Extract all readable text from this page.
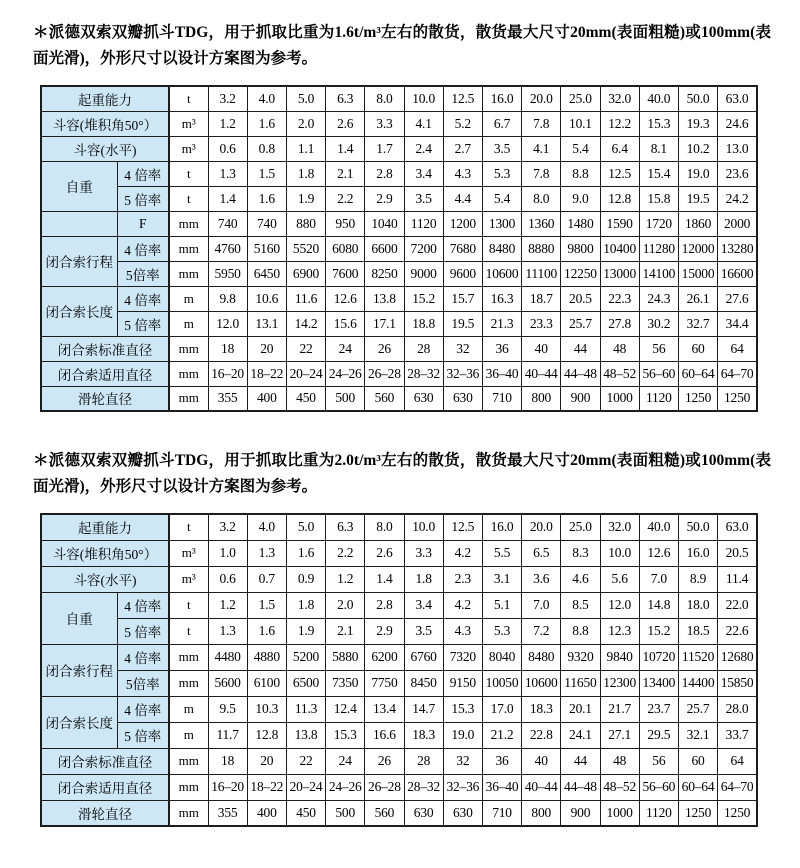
＊派德双索双瓣抓斗TDG，用于抓取比重为1.6t/m³左右的散货，散货最大尺寸20mm(表面粗糙)或100mm(表面光滑)，外形尺寸以设计方案图为参考。

起重能力		t	3.2	4.0	5.0	6.3	8.0	10.0	12.5	16.0	20.0	25.0	32.0	40.0	50.0	63.0
斗容(堆积角50°）		m³	1.2	1.6	2.0	2.6	3.3	4.1	5.2	6.7	7.8	10.1	12.2	15.3	19.3	24.6
斗容(水平)		m³	0.6	0.8	1.1	1.4	1.7	2.4	2.7	3.5	4.1	5.4	6.4	8.1	10.2	13.0
自重	4 倍率	t	1.3	1.5	1.8	2.1	2.8	3.4	4.3	5.3	7.8	8.8	12.5	15.4	19.0	23.6
	5 倍率	t	1.4	1.6	1.9	2.2	2.9	3.5	4.4	5.4	8.0	9.0	12.8	15.8	19.5	24.2
	F	mm	740	740	880	950	1040	1120	1200	1300	1360	1480	1590	1720	1860	2000
闭合索行程	4 倍率	mm	4760	5160	5520	6080	6600	7200	7680	8480	8880	9800	10400	11280	12000	13280
	5倍率	mm	5950	6450	6900	7600	8250	9000	9600	10600	11100	12250	13000	14100	15000	16600
闭合索长度	4 倍率	m	9.8	10.6	11.6	12.6	13.8	15.2	15.7	16.3	18.7	20.5	22.3	24.3	26.1	27.6
	5 倍率	m	12.0	13.1	14.2	15.6	17.1	18.8	19.5	21.3	23.3	25.7	27.8	30.2	32.7	34.4
闭合索标准直径		mm	18	20	22	24	26	28	32	36	40	44	48	56	60	64
闭合索适用直径		mm	16–20	18–22	20–24	24–26	26–28	28–32	32–36	36–40	40–44	44–48	48–52	56–60	60–64	64–70
滑轮直径		mm	355	400	450	500	560	630	630	710	800	900	1000	1120	1250	1250

＊派德双索双瓣抓斗TDG，用于抓取比重为2.0t/m³左右的散货，散货最大尺寸20mm(表面粗糙)或100mm(表面光滑)，外形尺寸以设计方案图为参考。

起重能力		t	3.2	4.0	5.0	6.3	8.0	10.0	12.5	16.0	20.0	25.0	32.0	40.0	50.0	63.0
斗容(堆积角50°）		m³	1.0	1.3	1.6	2.2	2.6	3.3	4.2	5.5	6.5	8.3	10.0	12.6	16.0	20.5
斗容(水平)		m³	0.6	0.7	0.9	1.2	1.4	1.8	2.3	3.1	3.6	4.6	5.6	7.0	8.9	11.4
自重	4 倍率	t	1.2	1.5	1.8	2.0	2.8	3.4	4.2	5.1	7.0	8.5	12.0	14.8	18.0	22.0
	5 倍率	t	1.3	1.6	1.9	2.1	2.9	3.5	4.3	5.3	7.2	8.8	12.3	15.2	18.5	22.6
闭合索行程	4 倍率	mm	4480	4880	5200	5880	6200	6760	7320	8040	8480	9320	9840	10720	11520	12680
	5倍率	mm	5600	6100	6500	7350	7750	8450	9150	10050	10600	11650	12300	13400	14400	15850
闭合索长度	4 倍率	m	9.5	10.3	11.3	12.4	13.4	14.7	15.3	17.0	18.3	20.1	21.7	23.7	25.7	28.0
	5 倍率	m	11.7	12.8	13.8	15.3	16.6	18.3	19.0	21.2	22.8	24.1	27.1	29.5	32.1	33.7
闭合索标准直径		mm	18	20	22	24	26	28	32	36	40	44	48	56	60	64
闭合索适用直径		mm	16–20	18–22	20–24	24–26	26–28	28–32	32–36	36–40	40–44	44–48	48–52	56–60	60–64	64–70
滑轮直径		mm	355	400	450	500	560	630	630	710	800	900	1000	1120	1250	1250
